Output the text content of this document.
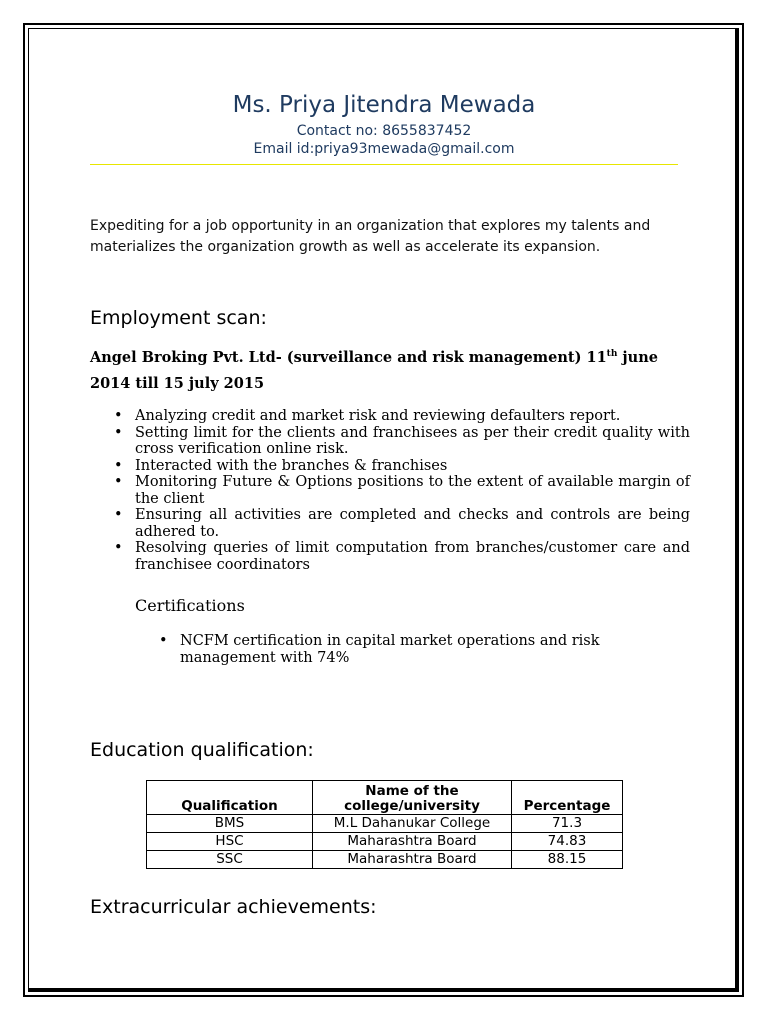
Ms. Priya Jitendra Mewada
Contact no: 8655837452
Email id:priya93mewada@gmail.com
Expediting for a job opportunity in an organization that explores my talents and materializes the organization growth as well as accelerate its expansion.
Employment scan:
Angel Broking Pvt. Ltd- (surveillance and risk management) 11th june 2014 till 15 july 2015
• Analyzing credit and market risk and reviewing defaulters report.
• Setting limit for the clients and franchisees as per their credit quality with cross verification online risk.
• Interacted with the branches & franchises
• Monitoring Future & Options positions to the extent of available margin of the client
• Ensuring all activities are completed and checks and controls are being adhered to.
• Resolving queries of limit computation from branches/customer care and franchisee coordinators
Certifications
• NCFM certification in capital market operations and risk management with 74%
Education qualification:
Qualification	Name of the college/university	Percentage
BMS	M.L Dahanukar College	71.3
HSC	Maharashtra Board	74.83
SSC	Maharashtra Board	88.15
Extracurricular achievements:
